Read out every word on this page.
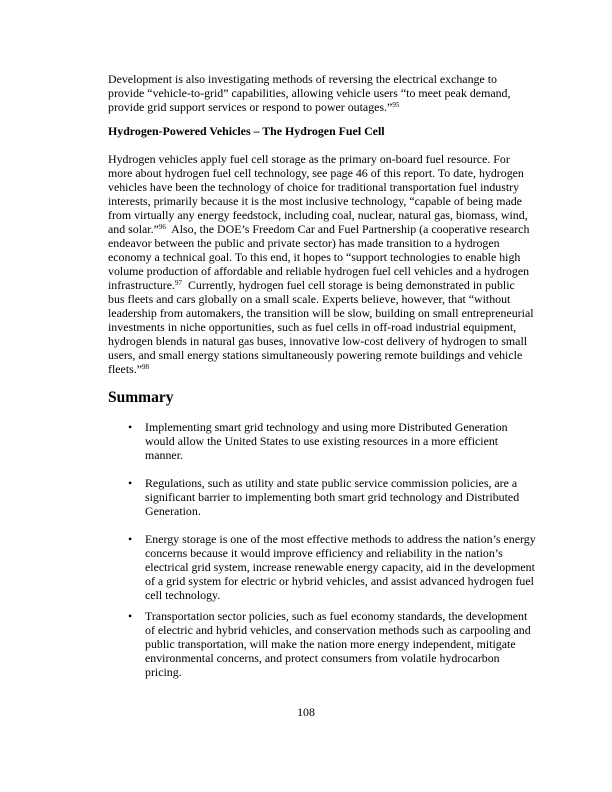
Development is also investigating methods of reversing the electrical exchange to
provide “vehicle-to-grid” capabilities, allowing vehicle users “to meet peak demand,
provide grid support services or respond to power outages.”$^{95}$
Hydrogen-Powered Vehicles – The Hydrogen Fuel Cell
Hydrogen vehicles apply fuel cell storage as the primary on-board fuel resource. For
more about hydrogen fuel cell technology, see page 46 of this report. To date, hydrogen
vehicles have been the technology of choice for traditional transportation fuel industry
interests, primarily because it is the most inclusive technology, “capable of being made
from virtually any energy feedstock, including coal, nuclear, natural gas, biomass, wind,
and solar.”$^{96}$  Also, the DOE’s Freedom Car and Fuel Partnership (a cooperative research
endeavor between the public and private sector) has made transition to a hydrogen
economy a technical goal. To this end, it hopes to “support technologies to enable high
volume production of affordable and reliable hydrogen fuel cell vehicles and a hydrogen
infrastructure.$^{97}$  Currently, hydrogen fuel cell storage is being demonstrated in public
bus fleets and cars globally on a small scale. Experts believe, however, that “without
leadership from automakers, the transition will be slow, building on small entrepreneurial
investments in niche opportunities, such as fuel cells in off-road industrial equipment,
hydrogen blends in natural gas buses, innovative low-cost delivery of hydrogen to small
users, and small energy stations simultaneously powering remote buildings and vehicle
fleets.”$^{98}$
Summary
•	Implementing smart grid technology and using more Distributed Generation
would allow the United States to use existing resources in a more efficient
manner.
•	Regulations, such as utility and state public service commission policies, are a
significant barrier to implementing both smart grid technology and Distributed
Generation.
•	Energy storage is one of the most effective methods to address the nation’s energy
concerns because it would improve efficiency and reliability in the nation’s
electrical grid system, increase renewable energy capacity, aid in the development
of a grid system for electric or hybrid vehicles, and assist advanced hydrogen fuel
cell technology.
•	Transportation sector policies, such as fuel economy standards, the development
of electric and hybrid vehicles, and conservation methods such as carpooling and
public transportation, will make the nation more energy independent, mitigate
environmental concerns, and protect consumers from volatile hydrocarbon
pricing.
108
